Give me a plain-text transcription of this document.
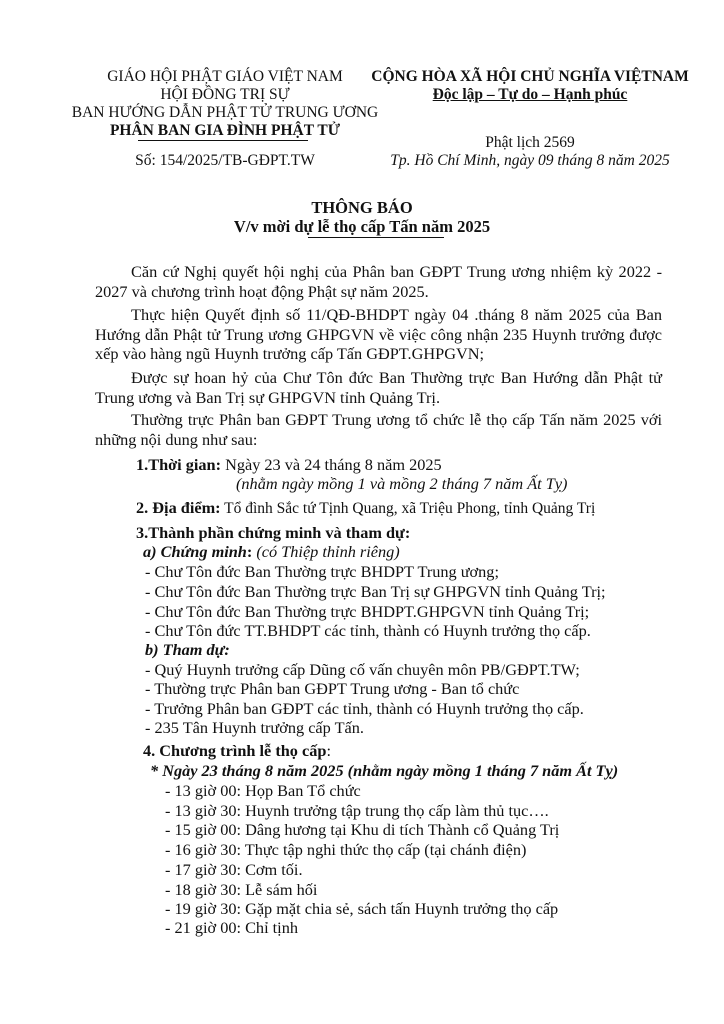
GIÁO HỘI PHẬT GIÁO VIỆT NAM
HỘI ĐỒNG TRỊ SỰ
BAN HƯỚNG DẪN PHẬT TỬ TRUNG ƯƠNG
PHÂN BAN GIA ĐÌNH PHẬT TỬ
Số: 154/2025/TB-GĐPT.TW
CỘNG HÒA XÃ HỘI CHỦ NGHĨA VIỆTNAM
Độc lập – Tự do – Hạnh phúc
Phật lịch 2569
Tp. Hồ Chí Minh, ngày 09 tháng 8 năm 2025
THÔNG BÁO
V/v mời dự lễ thọ cấp Tấn năm 2025
Căn cứ Nghị quyết hội nghị của Phân ban GĐPT Trung ương nhiệm kỳ 2022 - 2027 và chương trình hoạt động Phật sự năm 2025.
Thực hiện Quyết định số 11/QĐ-BHDPT ngày 04 .tháng 8 năm 2025 của Ban Hướng dẫn Phật tử Trung ương GHPGVN về việc công nhận 235 Huynh trưởng được xếp vào hàng ngũ Huynh trưởng cấp Tấn GĐPT.GHPGVN;
Được sự hoan hỷ của Chư Tôn đức Ban Thường trực Ban Hướng dẫn Phật tử Trung ương và Ban Trị sự GHPGVN tỉnh Quảng Trị.
Thường trực Phân ban GĐPT Trung ương tổ chức lễ thọ cấp Tấn năm 2025 với những nội dung như sau:
1.Thời gian: Ngày 23 và 24 tháng 8 năm 2025
(nhằm ngày mồng 1 và mồng 2 tháng 7 năm Ất Tỵ)
2. Địa điểm: Tổ đình Sắc tứ Tịnh Quang, xã Triệu Phong, tỉnh Quảng Trị
3.Thành phần chứng minh và tham dự:
a) Chứng minh: (có Thiệp thỉnh riêng)
- Chư Tôn đức Ban Thường trực BHDPT Trung ương;
- Chư Tôn đức Ban Thường trực Ban Trị sự GHPGVN tỉnh Quảng Trị;
- Chư Tôn đức Ban Thường trực BHDPT.GHPGVN tỉnh Quảng Trị;
- Chư Tôn đức TT.BHDPT các tỉnh, thành có Huynh trưởng thọ cấp.
b) Tham dự:
- Quý Huynh trưởng cấp Dũng cố vấn chuyên môn PB/GĐPT.TW;
- Thường trực Phân ban GĐPT Trung ương - Ban tổ chức
- Trưởng Phân ban GĐPT các tỉnh, thành có Huynh trưởng thọ cấp.
- 235 Tân Huynh trưởng cấp Tấn.
4. Chương trình lễ thọ cấp:
* Ngày 23 tháng 8 năm 2025 (nhằm ngày mồng 1 tháng 7 năm Ất Tỵ)
- 13 giờ 00: Họp Ban Tổ chức
- 13 giờ 30: Huynh trưởng tập trung thọ cấp làm thủ tục….
- 15 giờ 00: Dâng hương tại Khu di tích Thành cổ Quảng Trị
- 16 giờ 30: Thực tập nghi thức thọ cấp (tại chánh điện)
- 17 giờ 30: Cơm tối.
- 18 giờ 30: Lễ sám hối
- 19 giờ 30: Gặp mặt chia sẻ, sách tấn Huynh trưởng thọ cấp
- 21 giờ 00: Chỉ tịnh
